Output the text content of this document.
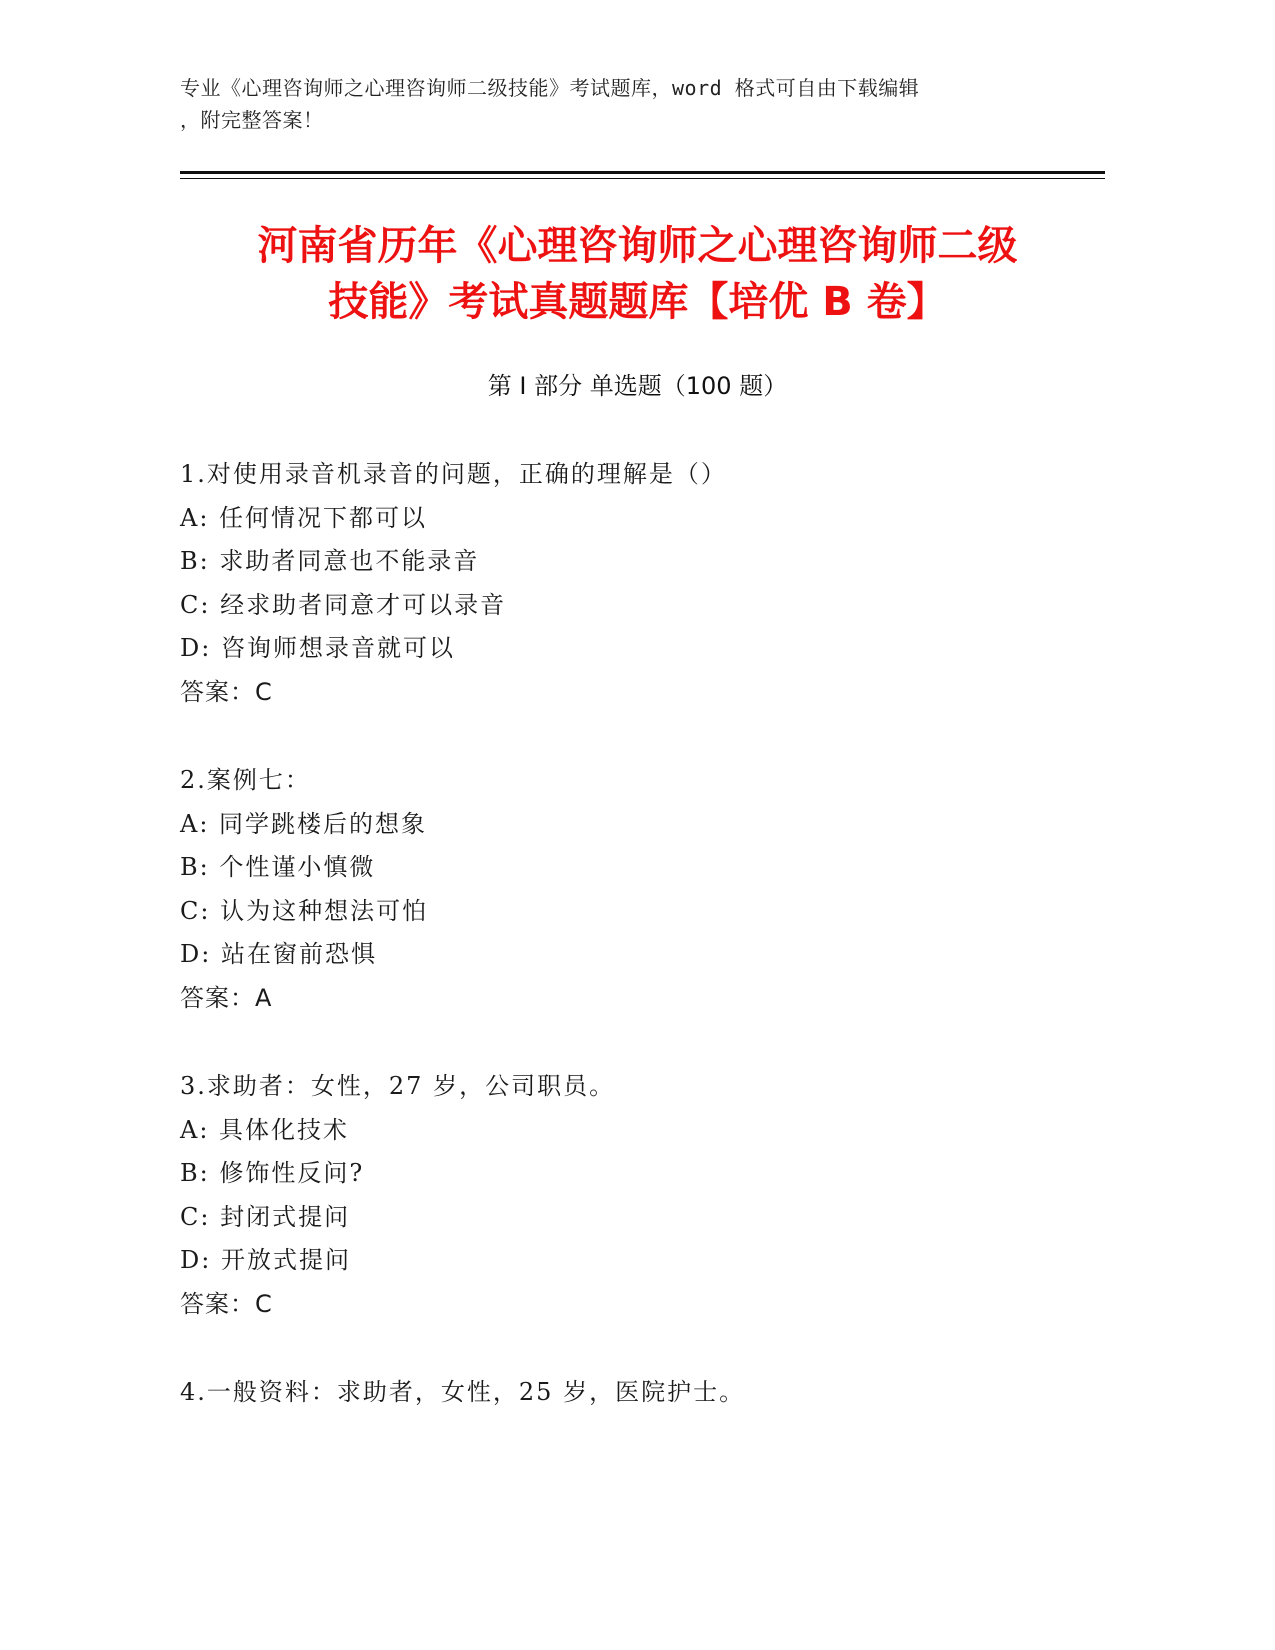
专业《心理咨询师之心理咨询师二级技能》考试题库，word 格式可自由下载编辑
，附完整答案！
河南省历年《心理咨询师之心理咨询师二级
技能》考试真题题库【培优 B 卷】
第 I 部分 单选题（100 题）
1.对使用录音机录音的问题，正确的理解是（）
A: 任何情况下都可以
B: 求助者同意也不能录音
C: 经求助者同意才可以录音
D: 咨询师想录音就可以
答案：C
2.案例七：
A: 同学跳楼后的想象
B: 个性谨小慎微
C: 认为这种想法可怕
D: 站在窗前恐惧
答案：A
3.求助者：女性，27 岁，公司职员。
A: 具体化技术
B: 修饰性反问?
C: 封闭式提问
D: 开放式提问
答案：C
4.一般资料：求助者，女性，25 岁，医院护士。
